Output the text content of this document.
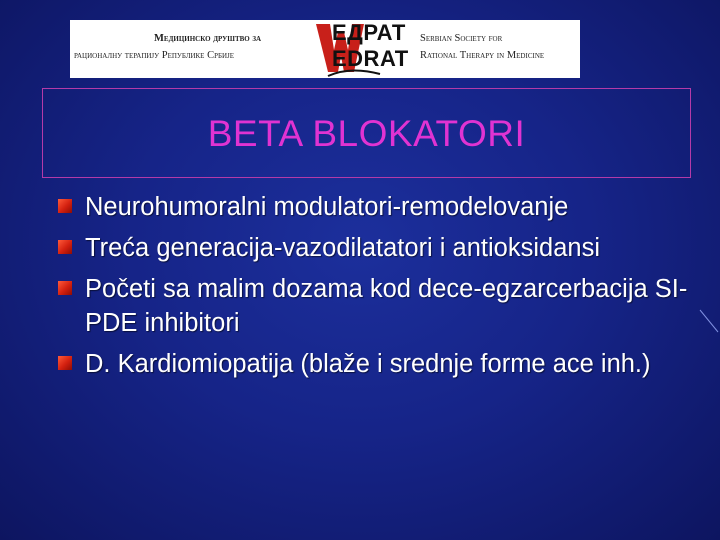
Медицинско друштво за
рационалну терапију Републике Србије
ЕДРАТ
EDRAT
Serbian Society for
Rational Therapy in Medicine
BETA BLOKATORI
Neurohumoralni modulatori-remodelovanje
Treća generacija-vazodilatatori i antioksidansi
Početi sa malim dozama kod dece-egzarcerbacija SI-PDE inhibitori
D. Kardiomiopatija (blaže i srednje forme ace inh.)
